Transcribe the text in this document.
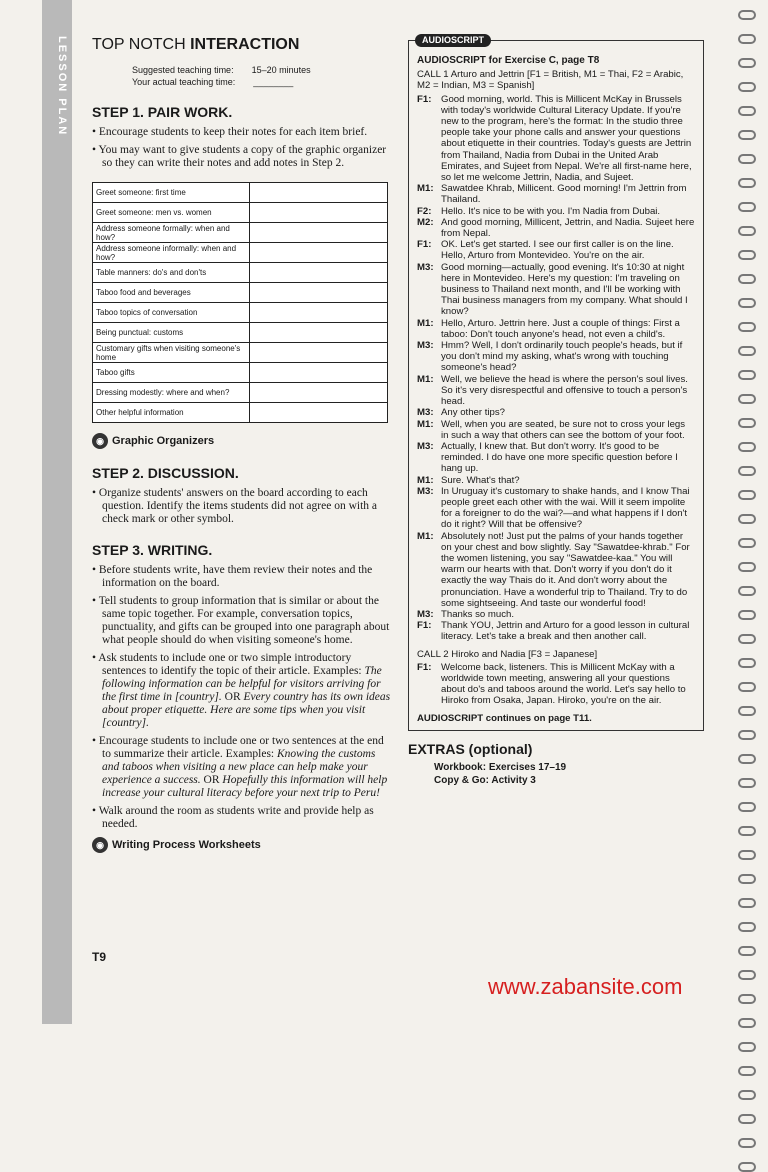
LESSON PLAN TOP NOTCH INTERACTION
Suggested teaching time: 15–20 minutes
Your actual teaching time: ________
STEP 1. PAIR WORK.

• Encourage students to keep their notes for each item brief.

• You may want to give students a copy of the graphic organizer so they can write their notes and add notes in Step 2.

Greet someone: first time	
Greet someone: men vs. women	
Address someone formally: when and how?	
Address someone informally: when and how?	
Table manners: do's and don'ts	
Taboo food and beverages	
Taboo topics of conversation	
Being punctual: customs	
Customary gifts when visiting someone's home	
Taboo gifts	
Dressing modestly: where and when?	
Other helpful information	
◉ Graphic Organizers
STEP 2. DISCUSSION.

• Organize students' answers on the board according to each question. Identify the items students did not agree on with a check mark or other symbol.

STEP 3. WRITING.

• Before students write, have them review their notes and the information on the board.

• Tell students to group information that is similar or about the same topic together. For example, conversation topics, punctuality, and gifts can be grouped into one paragraph about what people should do when visiting someone's home.

• Ask students to include one or two simple introductory sentences to identify the topic of their article. Examples: The following information can be helpful for visitors arriving for the first time in [country]. OR Every country has its own ideas about proper etiquette. Here are some tips when you visit [country].

• Encourage students to include one or two sentences at the end to summarize their article. Examples: Knowing the customs and taboos when visiting a new place can help make your experience a success. OR Hopefully this information will help increase your cultural literacy before your next trip to Peru!

• Walk around the room as students write and provide help as needed.

◉ Writing Process Worksheets
T9
AUDIOSCRIPT
AUDIOSCRIPT for Exercise C, page T8
CALL 1 Arturo and Jettrin [F1 = British, M1 = Thai, F2 = Arabic, M2 = Indian, M3 = Spanish]
F1:	Good morning, world. This is Millicent McKay in Brussels with today's worldwide Cultural Literacy Update. If you're new to the program, here's the format: In the studio three people take your phone calls and answer your questions about etiquette in their countries. Today's guests are Jettrin from Thailand, Nadia from Dubai in the United Arab Emirates, and Sujeet from Nepal. We're all first-name here, so let me welcome Jettrin, Nadia, and Sujeet.
M1: Sawatdee Khrab, Millicent. Good morning! I'm Jettrin from Thailand.
F2:	Hello. It's nice to be with you. I'm Nadia from Dubai.
M2: And good morning, Millicent, Jettrin, and Nadia. Sujeet here from Nepal.
F1:	OK. Let's get started. I see our first caller is on the line. Hello, Arturo from Montevideo. You're on the air.
M3: Good morning—actually, good evening. It's 10:30 at night here in Montevideo. Here's my question: I'm traveling on business to Thailand next month, and I'll be working with Thai business managers from my company. What should I know?
M1: Hello, Arturo. Jettrin here. Just a couple of things: First a taboo: Don't touch anyone's head, not even a child's.
M3: Hmm? Well, I don't ordinarily touch people's heads, but if you don't mind my asking, what's wrong with touching someone's head?
M1: Well, we believe the head is where the person's soul lives. So it's very disrespectful and offensive to touch a person's head.
M3: Any other tips?
M1: Well, when you are seated, be sure not to cross your legs in such a way that others can see the bottom of your foot.
M3: Actually, I knew that. But don't worry. It's good to be reminded. I do have one more specific question before I hang up.
M1: Sure. What's that?
M3: In Uruguay it's customary to shake hands, and I know Thai people greet each other with the wai. Will it seem impolite for a foreigner to do the wai?—and what happens if I don't do it right? Will that be offensive?
M1: Absolutely not! Just put the palms of your hands together on your chest and bow slightly. Say "Sawatdee-khrab." For the women listening, you say "Sawatdee-kaa." You will warm our hearts with that. Don't worry if you don't do it exactly the way Thais do it. And don't worry about the pronunciation. Have a wonderful trip to Thailand. Try to do some sightseeing. And taste our wonderful food!
M3: Thanks so much.
F1:	Thank YOU, Jettrin and Arturo for a good lesson in cultural literacy. Let's take a break and then another call.
CALL 2 Hiroko and Nadia [F3 = Japanese]
F1:	Welcome back, listeners. This is Millicent McKay with a worldwide town meeting, answering all your questions about do's and taboos around the world. Let's say hello to Hiroko from Osaka, Japan. Hiroko, you're on the air.
AUDIOSCRIPT continues on page T11.
EXTRAS (optional)
Workbook: Exercises 17–19
Copy & Go: Activity 3
www.zabansite.com
